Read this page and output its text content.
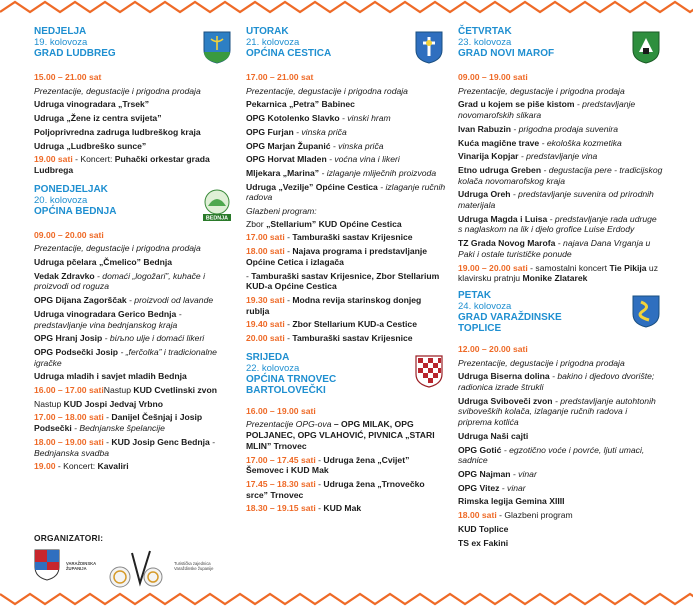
NEDJELJA
19. kolovoza
GRAD LUDBREG
15.00 – 21.00 sat
Prezentacije, degustacije i prigodna prodaja
Udruga vinogradara „Trsek”
Udruga „Žene iz centra svijeta”
Poljoprivredna zadruga ludbreškog kraja
Udruga „Ludbreško sunce”
19.00 sati - Koncert: Puhački orkestar grada Ludbrega
PONEDJELJAK
20. kolovoza
OPĆINA BEDNJA
BEDNJA
09.00 – 20.00 sati
Prezentacije, degustacije i prigodna prodaja
Udruga pčelara „Čmelico” Bednja
Vedak Zdravko - domaći „logožari”, kuhače i proizvodi od roguza
OPG Dijana Zagorščak - proizvodi od lavande
Udruga vinogradara Gerico Bednja - predstavljanje vina bednjanskog kraja
OPG Hranj Josip - biљno ulje i domaći likeri
OPG Podsečki Josip - „ferčolka” i tradicionalne igračke
Udruga mladih i savjet mladih Bednja
16.00 – 17.00 satiNastup KUD Cvetlinski zvon
Nastup KUD Jospi Jedvaj Vrbno
17.00 – 18.00 sati - Danijel Češnjaj i Josip Podsečki - Bednjanske špelancije
18.00 – 19.00 sati - KUD Josip Genc Bednja - Bednjanska svadba
19.00 - Koncert: Kavaliri
UTORAK
21. kolovoza
OPĆINA CESTICA
17.00 – 21.00 sat
Prezentacije, degustacije i prigodna rodaja
Pekarnica „Petra” Babinec
OPG Kotolenko Slavko - vinski hram
OPG Furjan - vinska priča
OPG Marjan Županić - vinska priča
OPG Horvat Mladen - voćna vina i likeri
Mljekara „Marina” - izlaganje mliječnih proizvoda
Udruga „Vezilje” Općine Cestica - izlaganje ručnih radova
Glazbeni program:
Zbor „Stellarium” KUD Općine Cestica
17.00 sati - Tamburaški sastav Krijesnice
18.00 sati - Najava programa i predstavljanje Općine Cetica i izlagača
- Tamburaški sastav Krijesnice, Zbor Stellarium KUD-a Općine Cestica
19.30 sati - Modna revija starinskog donjeg rublja
19.40 sati - Zbor Stellarium KUD-a Cestice
20.00 sati - Tamburaški sastav Krijesnice
SRIJEDA
22. kolovoza
OPĆINA TRNOVEC BARTOLOVEČKI
16.00 – 19.00 sati
Prezentacije OPG-ova – OPG MILAK, OPG POLJANEC, OPG VLAHOVIĆ, PIVNICA „STARI MLIN” Trnovec
17.00 – 17.45 sati - Udruga žena „Cvijet” Šemovec i KUD Mak
17.45 – 18.30 sati - Udruga žena „Trnovečko srce” Trnovec
18.30 – 19.15 sati - KUD Mak
ČETVRTAK
23. kolovoza
GRAD NOVI MAROF
09.00 – 19.00 sati
Prezentacije, degustacije i prigodna prodaja
Grad u kojem se piše kistom - predstavljanje novomarofskih slikara
Ivan Rabuzin - prigodna prodaja suvenira
Kuća magične trave - ekološka kozmetika
Vinarija Kopjar - predstavljanje vina
Etno udruga Greben - degustacija pere - tradicijskog kolača novomarofskog kraja
Udruga Oreh - predstavljanje suvenira od prirodnih materijala
Udruga Magda i Luisa - predstavljanje rada udruge s naglaskom na lik i djelo grofice Luise Erdody
TZ Grada Novog Marofa - najava Dana Vrganja u Paki i ostale turističke ponude
19.00 – 20.00 sati - samostalni koncert Tie Pikija uz klavirsku pratnju Monike Zlatarek
PETAK
24. kolovoza
GRAD VARAŽDINSKE TOPLICE
12.00 – 20.00 sati
Prezentacije, degustacije i prigodna prodaja
Udruga Biserna dolina - bakino i djedovo dvorište; radionica izrade štrukli
Udruga Sviboveči zvon - predstavljanje autohtonih sviboveških kolača, izlaganje ručnih radova i priprema kotlića
Udruga Naši cajti
OPG Gotić - egzotično voće i povrće, ljuti umaci, sadnice
OPG Najman - vinar
OPG Vitez - vinar
Rimska legija Gemina XIIII
18.00 sati - Glazbeni program
KUD Toplice
TS ex Fakini
ORGANIZATORI:
VARAŽDINSKA ŽUPANIJA
Turistička zajednica Varaždinske županije
